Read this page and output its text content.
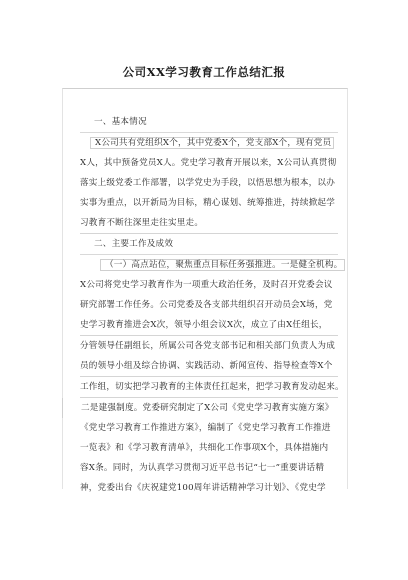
公司XX学习教育工作总结汇报
一、基本情况
X公司共有党组织X个，其中党委X个，党支部X个，现有党员
X人，其中预备党员X人。党史学习教育开展以来，X公司认真贯彻
落实上级党委工作部署，以学党史为手段，以悟思想为根本，以办
实事为重点，以开新局为目标，精心谋划、统筹推进，持续掀起学
习教育不断往深里走往实里走。
二、主要工作及成效
（一）高点站位，聚焦重点目标任务强推进。一是健全机构。
X公司将党史学习教育作为一项重大政治任务，及时召开党委会议
研究部署工作任务。公司党委及各支部共组织召开动员会X场，党
史学习教育推进会X次，领导小组会议X次，成立了由X任组长，
分管领导任副组长，所属公司各党支部书记和相关部门负责人为成
员的领导小组及综合协调、实践活动、新闻宣传、指导检查等X个
工作组，切实把学习教育的主体责任扛起来，把学习教育发动起来。
二是建强制度。党委研究制定了X公司《党史学习教育实施方案》
《党史学习教育工作推进方案》，编制了《党史学习教育工作推进
一览表》和《学习教育清单》，共细化工作事项X个，具体措施内
容X条。同时，为认真学习贯彻习近平总书记“七一”重要讲话精
神，党委出台《庆祝建党100周年讲话精神学习计划》、《党史学
